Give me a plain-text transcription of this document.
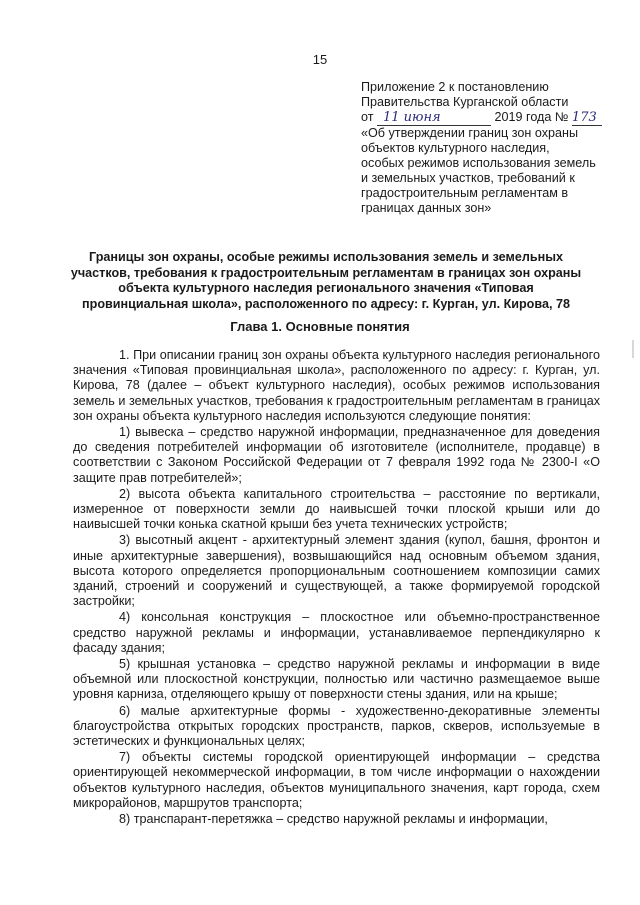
15
Приложение 2 к постановлению
Правительства Курганской области
от 11 июня	2019 года № 173
«Об утверждении границ зон охраны
объектов культурного наследия,
особых режимов использования земель
и земельных участков, требований к
градостроительным регламентам в
границах данных зон»
Границы зон охраны, особые режимы использования земель и земельных участков, требования к градостроительным регламентам в границах зон охраны объекта культурного наследия регионального значения «Типовая провинциальная школа», расположенного по адресу: г. Курган, ул. Кирова, 78
Глава 1. Основные понятия

1. При описании границ зон охраны объекта культурного наследия регионального значения «Типовая провинциальная школа», расположенного по адресу: г. Курган, ул. Кирова, 78 (далее – объект культурного наследия), особых режимов использования земель и земельных участков, требования к градостроительным регламентам в границах зон охраны объекта культурного наследия используются следующие понятия:

1) вывеска – средство наружной информации, предназначенное для доведения до сведения потребителей информации об изготовителе (исполнителе, продавце) в соответствии с Законом Российской Федерации от 7 февраля 1992 года № 2300-I «О защите прав потребителей»;

2) высота объекта капитального строительства – расстояние по вертикали, измеренное от поверхности земли до наивысшей точки плоской крыши или до наивысшей точки конька скатной крыши без учета технических устройств;

3) высотный акцент - архитектурный элемент здания (купол, башня, фронтон и иные архитектурные завершения), возвышающийся над основным объемом здания, высота которого определяется пропорциональным соотношением композиции самих зданий, строений и сооружений и существующей, а также формируемой городской застройки;

4) консольная конструкция – плоскостное или объемно-пространственное средство наружной рекламы и информации, устанавливаемое перпендикулярно к фасаду здания;

5) крышная установка – средство наружной рекламы и информации в виде объемной или плоскостной конструкции, полностью или частично размещаемое выше уровня карниза, отделяющего крышу от поверхности стены здания, или на крыше;

6) малые архитектурные формы - художественно-декоративные элементы благоустройства открытых городских пространств, парков, скверов, используемые в эстетических и функциональных целях;

7) объекты системы городской ориентирующей информации – средства ориентирующей некоммерческой информации, в том числе информации о нахождении объектов культурного наследия, объектов муниципального значения, карт города, схем микрорайонов, маршрутов транспорта;

8) транспарант-перетяжка – средство наружной рекламы и информации,
